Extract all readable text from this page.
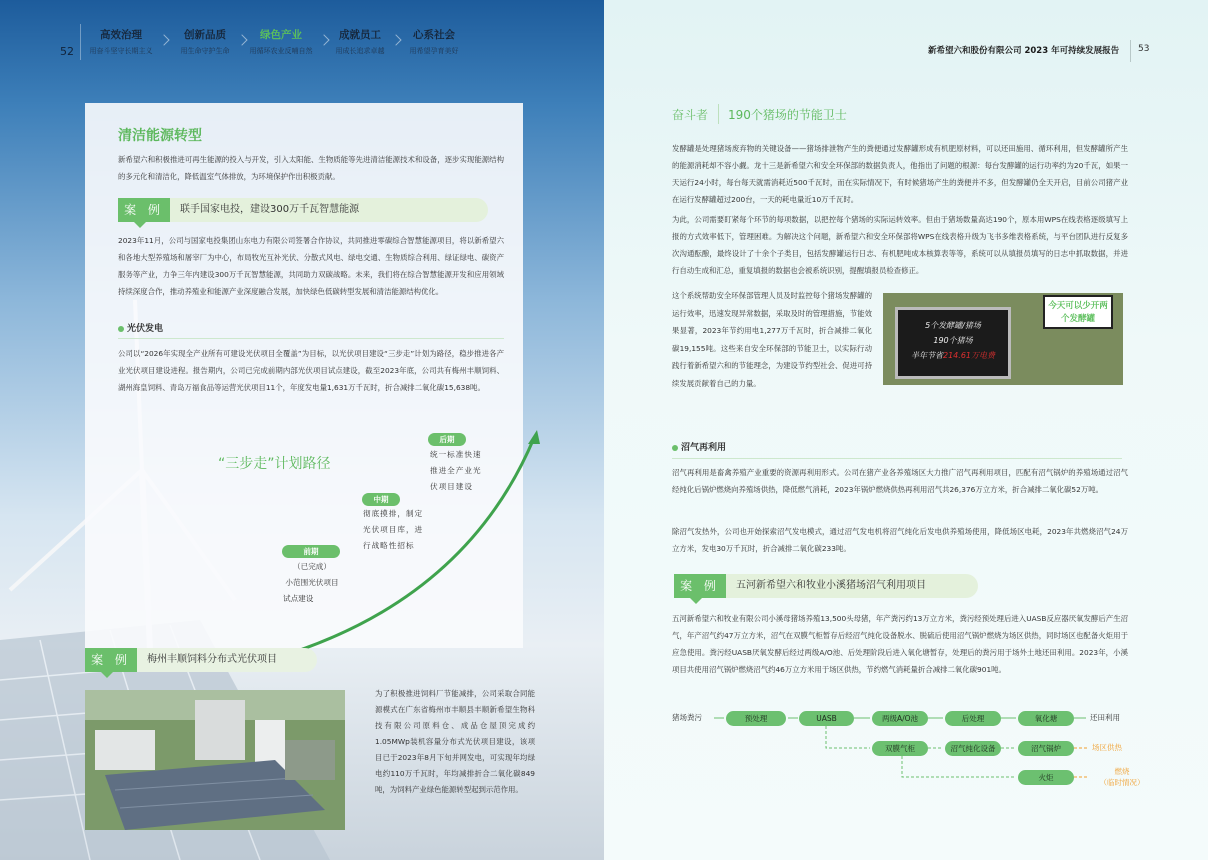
52
高效治理
用奋斗坚守长期主义
创新品质
用生命守护生命
绿色产业
用循环农业反哺自然
成就员工
用成长追求卓越
心系社会
用希望孕育美好
清洁能源转型
新希望六和积极推进可再生能源的投入与开发，引入太阳能、生物质能等先进清洁能源技术和设备，逐步实现能源结构的多元化和清洁化，降低温室气体排放，为环境保护作出积极贡献。
案 例	联手国家电投，建设300万千瓦智慧能源
2023年11月，公司与国家电投集团山东电力有限公司签署合作协议，共同推进零碳综合智慧能源项目，将以新希望六和各地大型养殖场和屠宰厂为中心，布局牧光互补光伏、分散式风电、绿电交通、生物质综合利用、绿证绿电、碳资产服务等产业，力争三年内建设300万千瓦智慧能源，共同助力双碳战略。未来，我们将在综合智慧能源开发和应用领域持续深度合作，推动养殖业和能源产业深度融合发展，加快绿色低碳转型发展和清洁能源结构优化。
光伏发电
公司以“2026年实现全产业所有可建设光伏项目全覆盖”为目标，以光伏项目建设“三步走”计划为路径，稳步推进各产业光伏项目建设进程。报告期内，公司已完成前期内部光伏项目试点建设，截至2023年底，公司共有梅州丰顺饲料、湖州海皇饲料、青岛万福食品等运营光伏项目11个，年度发电量1,631万千瓦时，折合减排二氧化碳15,638吨。
“三步走”计划路径
后期
统一标准快速
推进全产业光
伏项目建设
中期
彻底摸排，制定
光伏项目库，进
行战略性招标
前期
（已完成）
小范围光伏项目
试点建设
案 例	梅州丰顺饲料分布式光伏项目
为了积极推进饲料厂节能减排，公司采取合同能源模式在广东省梅州市丰顺县丰顺新希望生物科技有限公司原料仓、成品仓屋顶完成约1.05MWp装机容量分布式光伏项目建设，该项目已于2023年8月下旬并网发电，可实现年均绿电约110万千瓦时，年均减排折合二氧化碳849吨，为饲料产业绿色能源转型起到示范作用。
新希望六和股份有限公司 2023 年可持续发展报告 53
奋斗者 190个猪场的节能卫士
发酵罐是处理猪场废弃物的关键设备——猪场排泄物产生的粪便通过发酵罐形成有机肥原材料，可以还田施用、循环利用，但发酵罐所产生的能源消耗却不容小觑。龙十三是新希望六和安全环保部的数据负责人，他指出了问题的根源：每台发酵罐的运行功率约为20千瓦，如果一天运行24小时，每台每天就需消耗近500千瓦时，而在实际情况下，有时候猪场产生的粪便并不多，但发酵罐仍全天开启，目前公司猪产业在运行发酵罐超过200台，一天的耗电量近10万千瓦时。
为此，公司需要盯紧每个环节的每项数据，以把控每个猪场的实际运转效率。但由于猪场数量高达190个，原本用WPS在线表格逐级填写上报的方式效率低下，管理困难。为解决这个问题，新希望六和安全环保部将WPS在线表格升级为飞书多维表格系统，与平台团队进行反复多次沟通酝酿，最终设计了十余个子类目，包括发酵罐运行日志、有机肥吨成本核算表等等，系统可以从填报员填写的日志中抓取数据，并进行自动生成和汇总，重复填报的数据也会被系统识别，提醒填报员检查修正。
这个系统帮助安全环保部管理人员及时监控每个猪场发酵罐的运行效率，迅速发现异常数据，采取及时的管理措施，节能效果显著，2023年节约用电1,277万千瓦时，折合减排二氧化碳19,155吨。这些来自安全环保部的节能卫士，以实际行动践行着新希望六和的节能理念，为建设节约型社会、促进可持续发展贡献着自己的力量。
5个发酵罐/猪场
190个猪场
半年节省214.61万电费
今天可以少开两个发酵罐
沼气再利用
沼气再利用是畜禽养殖产业重要的资源再利用形式。公司在猪产业各养殖场区大力推广沼气再利用项目，匹配有沼气锅炉的养殖场通过沼气经纯化后锅炉燃烧向养殖场供热，降低燃气消耗，2023年锅炉燃烧供热再利用沼气共26,376万立方米，折合减排二氧化碳52万吨。
除沼气发热外，公司也开始探索沼气发电模式，通过沼气发电机将沼气纯化后发电供养殖场使用，降低场区电耗，2023年共燃烧沼气24万立方米，发电30万千瓦时，折合减排二氧化碳233吨。
案 例	五河新希望六和牧业小溪猪场沼气利用项目
五河新希望六和牧业有限公司小溪母猪场养殖13,500头母猪，年产粪污约13万立方米，粪污经预处理后进入UASB反应器厌氧发酵后产生沼气，年产沼气约47万立方米，沼气在双膜气柜暂存后经沼气纯化设备脱水、脱硫后使用沼气锅炉燃烧为场区供热，同时场区也配备火炬用于应急使用。粪污经UASB厌氧发酵后经过两级A/O池、后处理阶段后进入氧化塘暂存，处理后的粪污用于场外土地还田利用。2023年，小溪项目共使用沼气锅炉燃烧沼气约46万立方米用于场区供热，节约燃气消耗量折合减排二氧化碳901吨。
猪场粪污	预处理	UASB	两级A/O池	后处理	氧化塘	还田利用
双膜气柜	沼气纯化设备	沼气锅炉	场区供热
火炬
燃烧
（临时情况）
